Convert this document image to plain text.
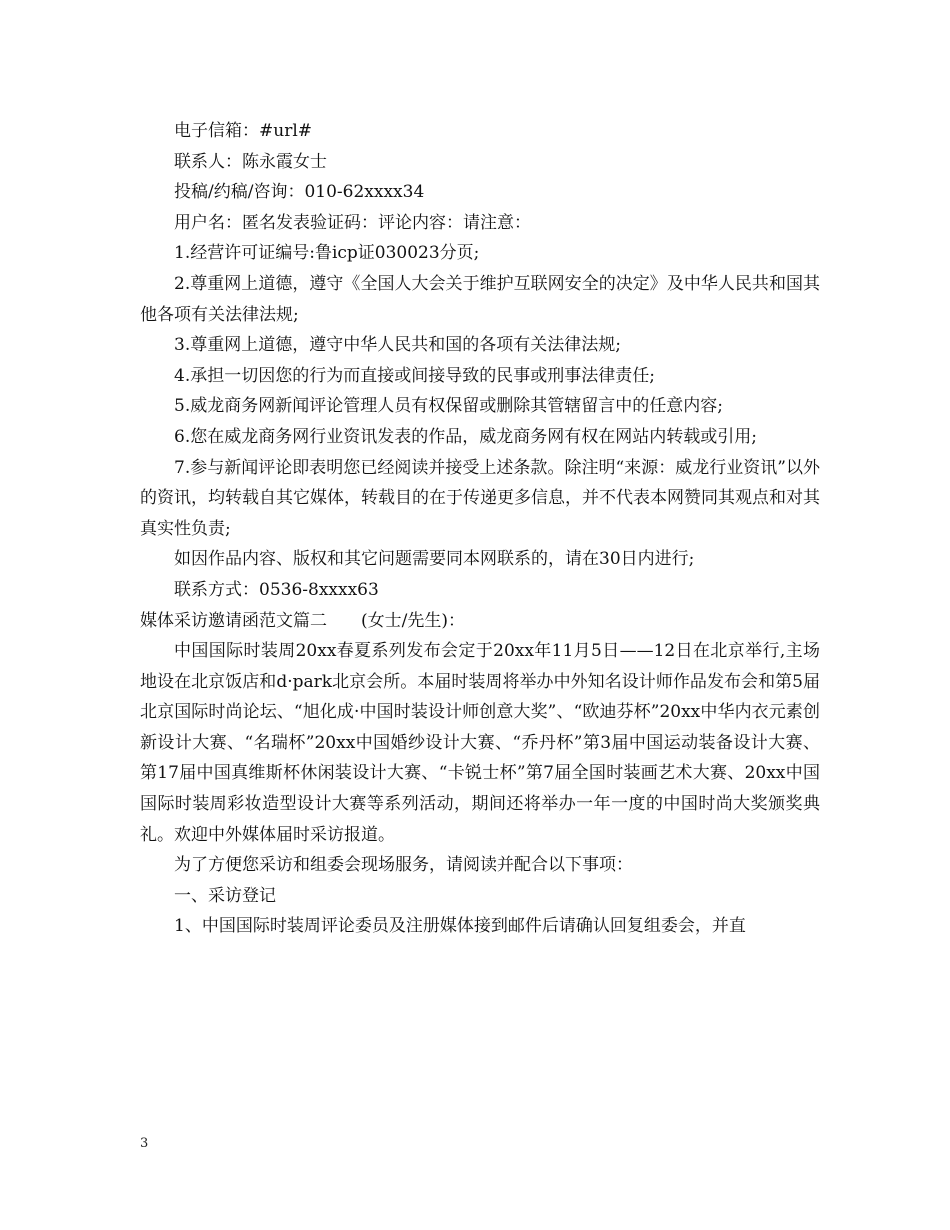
电子信箱：#url#

联系人：陈永霞女士

投稿/约稿/咨询：010-62xxxx34

用户名：匿名发表验证码：评论内容：请注意：

1.经营许可证编号:鲁icp证030023分页;

2.尊重网上道德，遵守《全国人大会关于维护互联网安全的决定》及中华人民共和国其他各项有关法律法规;

3.尊重网上道德，遵守中华人民共和国的各项有关法律法规;

4.承担一切因您的行为而直接或间接导致的民事或刑事法律责任;

5.威龙商务网新闻评论管理人员有权保留或删除其管辖留言中的任意内容;

6.您在威龙商务网行业资讯发表的作品，威龙商务网有权在网站内转载或引用;

7.参与新闻评论即表明您已经阅读并接受上述条款。除注明“来源：威龙行业资讯”以外的资讯，均转载自其它媒体，转载目的在于传递更多信息，并不代表本网赞同其观点和对其真实性负责;

如因作品内容、版权和其它问题需要同本网联系的，请在30日内进行;

联系方式：0536-8xxxx63

媒体采访邀请函范文篇二　　(女士/先生)：

中国国际时装周20xx春夏系列发布会定于20xx年11月5日——12日在北京举行,主场地设在北京饭店和d·park北京会所。本届时装周将举办中外知名设计师作品发布会和第5届北京国际时尚论坛、“旭化成·中国时装设计师创意大奖”、“欧迪芬杯”20xx中华内衣元素创新设计大赛、“名瑞杯”20xx中国婚纱设计大赛、“乔丹杯”第3届中国运动装备设计大赛、第17届中国真维斯杯休闲装设计大赛、“卡锐士杯”第7届全国时装画艺术大赛、20xx中国国际时装周彩妆造型设计大赛等系列活动，期间还将举办一年一度的中国时尚大奖颁奖典礼。欢迎中外媒体届时采访报道。

为了方便您采访和组委会现场服务，请阅读并配合以下事项：

一、采访登记

1、中国国际时装周评论委员及注册媒体接到邮件后请确认回复组委会，并直

3
